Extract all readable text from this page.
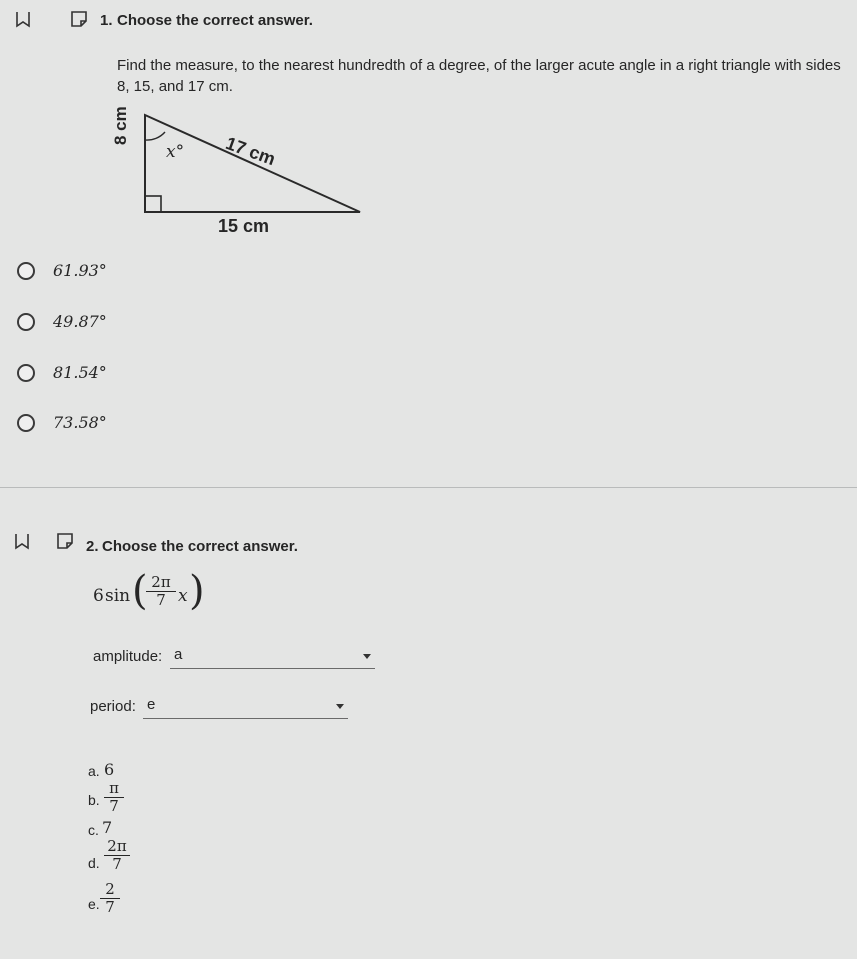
1. Choose the correct answer.
Find the measure, to the nearest hundredth of a degree, of the larger acute angle in a right triangle with sides
8, 15, and 17 cm.
8 cm
x° 17 cm
15 cm
61.93°
49.87°
81.54°
73.58°
2. Choose the correct answer.
6 sin (
$\frac{2\pi}{7}$ x )
amplitude: a
period: e
a. 6
b. $\frac{\pi}{7}$
c. 7
d. $\frac{2\pi}{7}$
e. $\frac{2}{7}$
